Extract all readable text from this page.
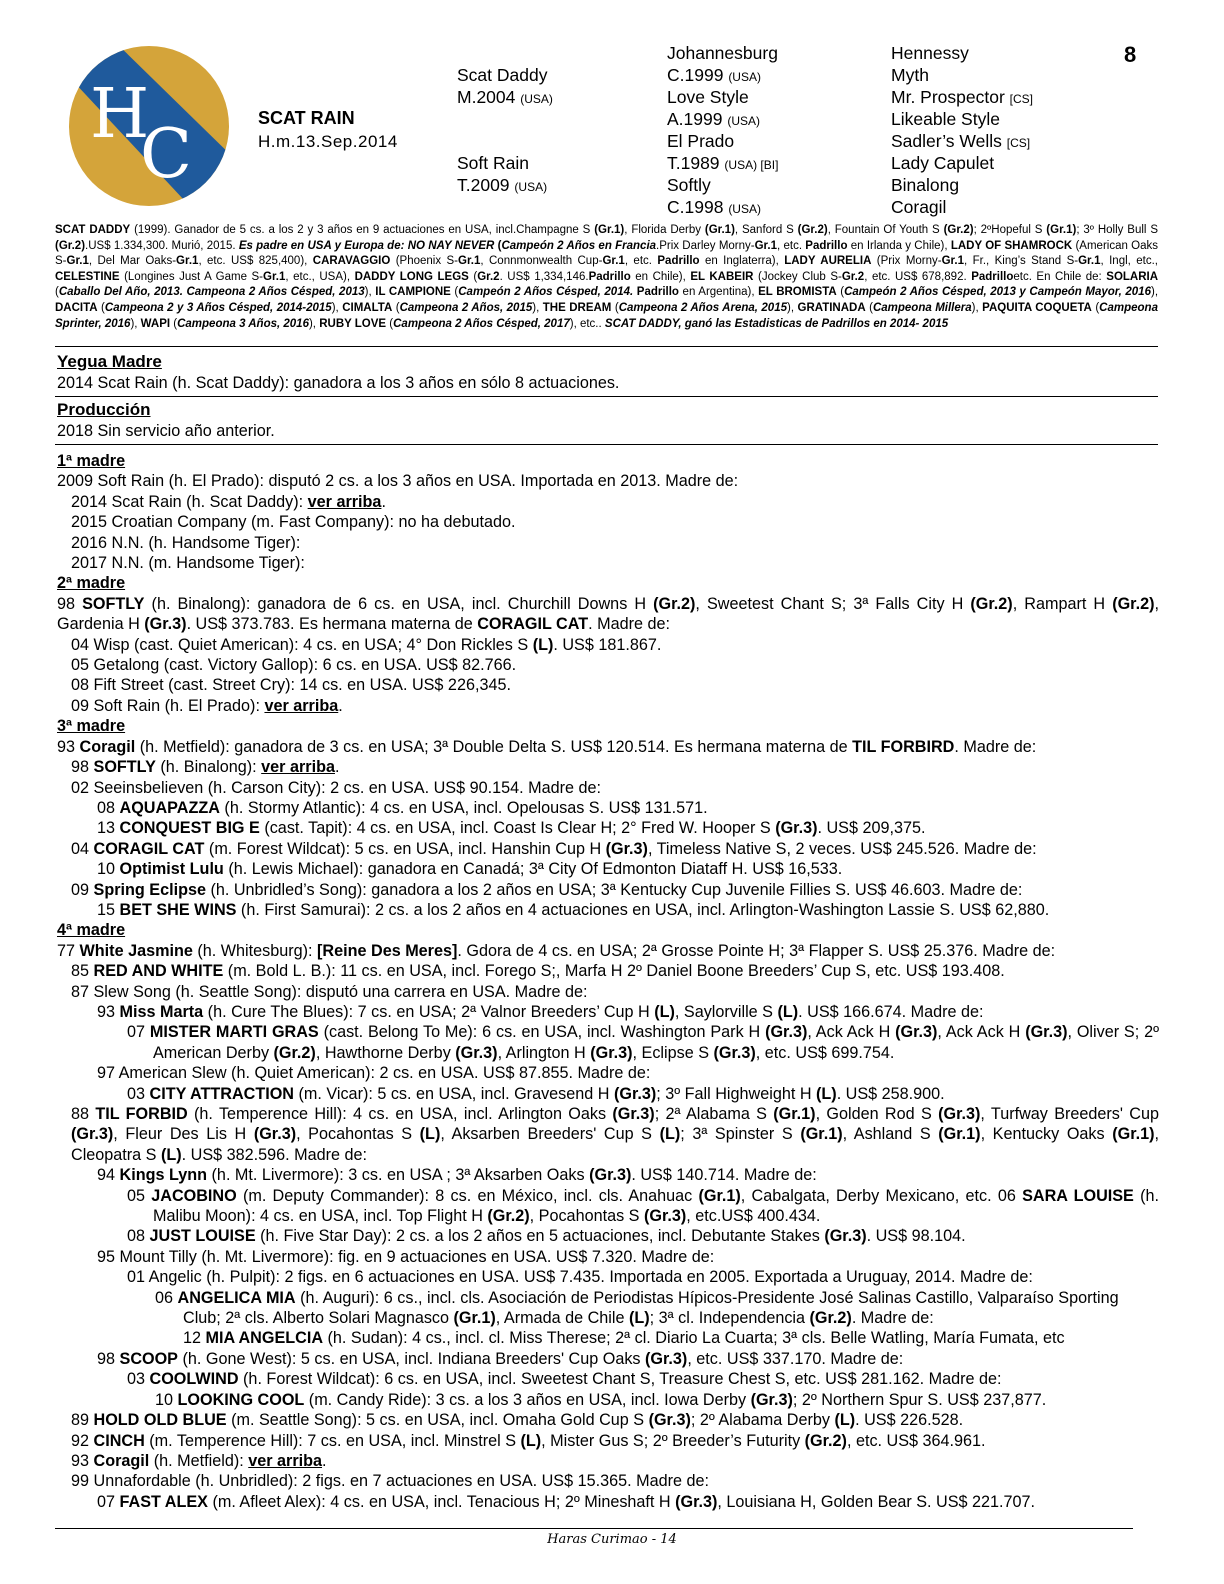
H
C	SCAT RAIN
H.m.13.Sep.2014
8
Scat Daddy
M.2004 (USA)
Soft Rain
T.2009 (USA)
Johannesburg
C.1999 (USA)
Love Style
A.1999 (USA)
El Prado
T.1989 (USA) [BI]
Softly
C.1998 (USA)
Hennessy
Myth
Mr. Prospector [CS]
Likeable Style
Sadler’s Wells [CS]
Lady Capulet
Binalong
Coragil
SCAT DADDY (1999). Ganador de 5 cs. a los 2 y 3 años en 9 actuaciones en USA, incl.Champagne S (Gr.1), Florida Derby (Gr.1), Sanford S (Gr.2), Fountain Of Youth S (Gr.2); 2ºHopeful S (Gr.1); 3º Holly Bull S (Gr.2).US$ 1.334,300. Murió, 2015. Es padre en USA y Europa de: NO NAY NEVER (Campeón 2 Años en Francia.Prix Darley Morny-Gr.1, etc. Padrillo en Irlanda y Chile), LADY OF SHAMROCK (American Oaks S-Gr.1, Del Mar Oaks-Gr.1, etc. US$ 825,400), CARAVAGGIO (Phoenix S-Gr.1, Connmonwealth Cup-Gr.1, etc. Padrillo en Inglaterra), LADY AURELIA (Prix Morny-Gr.1, Fr., King’s Stand S-Gr.1, Ingl, etc., CELESTINE (Longines Just A Game S-Gr.1, etc., USA), DADDY LONG LEGS (Gr.2. US$ 1,334,146.Padrillo en Chile), EL KABEIR (Jockey Club S-Gr.2, etc. US$ 678,892. Padrilloetc. En Chile de: SOLARIA (Caballo Del Año, 2013. Campeona 2 Años Césped, 2013), IL CAMPIONE (Campeón 2 Años Césped, 2014. Padrillo en Argentina), EL BROMISTA (Campeón 2 Años Césped, 2013 y Campeón Mayor, 2016), DACITA (Campeona 2 y 3 Años Césped, 2014-2015), CIMALTA (Campeona 2 Años, 2015), THE DREAM (Campeona 2 Años Arena, 2015), GRATINADA (Campeona Millera), PAQUITA COQUETA (Campeona Sprinter, 2016), WAPI (Campeona 3 Años, 2016), RUBY LOVE (Campeona 2 Años Césped, 2017), etc.. SCAT DADDY, ganó las Estadisticas de Padrillos en 2014- 2015
Yegua Madre

2014 Scat Rain (h. Scat Daddy): ganadora a los 3 años en sólo 8 actuaciones.

Producción

2018 Sin servicio año anterior.

1ª madre

2009 Soft Rain (h. El Prado): disputó 2 cs. a los 3 años en USA. Importada en 2013. Madre de:

2014 Scat Rain (h. Scat Daddy): ver arriba.

2015 Croatian Company (m. Fast Company): no ha debutado.

2016 N.N. (h. Handsome Tiger):

2017 N.N. (m. Handsome Tiger):

2ª madre

98 SOFTLY (h. Binalong): ganadora de 6 cs. en USA, incl. Churchill Downs H (Gr.2), Sweetest Chant S; 3ª Falls City H (Gr.2), Rampart H (Gr.2), Gardenia H (Gr.3). US$ 373.783. Es hermana materna de CORAGIL CAT. Madre de:

04 Wisp (cast. Quiet American): 4 cs. en USA; 4° Don Rickles S (L). US$ 181.867.

05 Getalong (cast. Victory Gallop): 6 cs. en USA. US$ 82.766.

08 Fift Street (cast. Street Cry): 14 cs. en USA. US$ 226,345.

09 Soft Rain (h. El Prado): ver arriba.

3ª madre

93 Coragil (h. Metfield): ganadora de 3 cs. en USA; 3ª Double Delta S. US$ 120.514. Es hermana materna de TIL FORBIRD. Madre de:

98 SOFTLY (h. Binalong): ver arriba.

02 Seeinsbelieven (h. Carson City): 2 cs. en USA. US$ 90.154. Madre de:

08 AQUAPAZZA (h. Stormy Atlantic): 4 cs. en USA, incl. Opelousas S. US$ 131.571.

13 CONQUEST BIG E (cast. Tapit): 4 cs. en USA, incl. Coast Is Clear H; 2° Fred W. Hooper S (Gr.3). US$ 209,375.

04 CORAGIL CAT (m. Forest Wildcat): 5 cs. en USA, incl. Hanshin Cup H (Gr.3), Timeless Native S, 2 veces. US$ 245.526. Madre de:

10 Optimist Lulu (h. Lewis Michael): ganadora en Canadá; 3ª City Of Edmonton Diataff H. US$ 16,533.

09 Spring Eclipse (h. Unbridled’s Song): ganadora a los 2 años en USA; 3ª Kentucky Cup Juvenile Fillies S. US$ 46.603. Madre de:

15 BET SHE WINS (h. First Samurai): 2 cs. a los 2 años en 4 actuaciones en USA, incl. Arlington-Washington Lassie S. US$ 62,880.

4ª madre

77 White Jasmine (h. Whitesburg): [Reine Des Meres]. Gdora de 4 cs. en USA; 2ª Grosse Pointe H; 3ª Flapper S. US$ 25.376. Madre de:

85 RED AND WHITE (m. Bold L. B.): 11 cs. en USA, incl. Forego S;, Marfa H 2º Daniel Boone Breeders’ Cup S, etc. US$ 193.408.

87 Slew Song (h. Seattle Song): disputó una carrera en USA. Madre de:

93 Miss Marta (h. Cure The Blues): 7 cs. en USA; 2ª Valnor Breeders’ Cup H (L), Saylorville S (L). US$ 166.674. Madre de:

07 MISTER MARTI GRAS (cast. Belong To Me): 6 cs. en USA, incl. Washington Park H (Gr.3), Ack Ack H (Gr.3), Ack Ack H (Gr.3), Oliver S; 2º American Derby (Gr.2), Hawthorne Derby (Gr.3), Arlington H (Gr.3), Eclipse S (Gr.3), etc. US$ 699.754.

97 American Slew (h. Quiet American): 2 cs. en USA. US$ 87.855. Madre de:

03 CITY ATTRACTION (m. Vicar): 5 cs. en USA, incl. Gravesend H (Gr.3); 3º Fall Highweight H (L). US$ 258.900.

88 TIL FORBID (h. Temperence Hill): 4 cs. en USA, incl. Arlington Oaks (Gr.3); 2ª Alabama S (Gr.1), Golden Rod S (Gr.3), Turfway Breeders' Cup (Gr.3), Fleur Des Lis H (Gr.3), Pocahontas S (L), Aksarben Breeders' Cup S (L); 3ª Spinster S (Gr.1), Ashland S (Gr.1), Kentucky Oaks (Gr.1), Cleopatra S (L). US$ 382.596. Madre de:

94 Kings Lynn (h. Mt. Livermore): 3 cs. en USA ; 3ª Aksarben Oaks (Gr.3). US$ 140.714. Madre de:

05 JACOBINO (m. Deputy Commander): 8 cs. en México, incl. cls. Anahuac (Gr.1), Cabalgata, Derby Mexicano, etc. 06 SARA LOUISE (h. Malibu Moon): 4 cs. en USA, incl. Top Flight H (Gr.2), Pocahontas S (Gr.3), etc.US$ 400.434.

08 JUST LOUISE (h. Five Star Day): 2 cs. a los 2 años en 5 actuaciones, incl. Debutante Stakes (Gr.3). US$ 98.104.

95 Mount Tilly (h. Mt. Livermore): fig. en 9 actuaciones en USA. US$ 7.320. Madre de:

01 Angelic (h. Pulpit): 2 figs. en 6 actuaciones en USA. US$ 7.435. Importada en 2005. Exportada a Uruguay, 2014. Madre de:

06 ANGELICA MIA (h. Auguri): 6 cs., incl. cls. Asociación de Periodistas Hípicos-Presidente José Salinas Castillo, Valparaíso Sporting Club; 2ª cls. Alberto Solari Magnasco (Gr.1), Armada de Chile (L); 3ª cl. Independencia (Gr.2). Madre de:

12 MIA ANGELCIA (h. Sudan): 4 cs., incl. cl. Miss Therese; 2ª cl. Diario La Cuarta; 3ª cls. Belle Watling, María Fumata, etc

98 SCOOP (h. Gone West): 5 cs. en USA, incl. Indiana Breeders' Cup Oaks (Gr.3), etc. US$ 337.170. Madre de:

03 COOLWIND (h. Forest Wildcat): 6 cs. en USA, incl. Sweetest Chant S, Treasure Chest S, etc. US$ 281.162. Madre de:

10 LOOKING COOL (m. Candy Ride): 3 cs. a los 3 años en USA, incl. Iowa Derby (Gr.3); 2º Northern Spur S. US$ 237,877.

89 HOLD OLD BLUE (m. Seattle Song): 5 cs. en USA, incl. Omaha Gold Cup S (Gr.3); 2º Alabama Derby (L). US$ 226.528.

92 CINCH (m. Temperence Hill): 7 cs. en USA, incl. Minstrel S (L), Mister Gus S; 2º Breeder’s Futurity (Gr.2), etc. US$ 364.961.

93 Coragil (h. Metfield): ver arriba.

99 Unnafordable (h. Unbridled): 2 figs. en 7 actuaciones en USA. US$ 15.365. Madre de:

07 FAST ALEX (m. Afleet Alex): 4 cs. en USA, incl. Tenacious H; 2º Mineshaft H (Gr.3), Louisiana H, Golden Bear S. US$ 221.707.

Haras Curimao - 14
